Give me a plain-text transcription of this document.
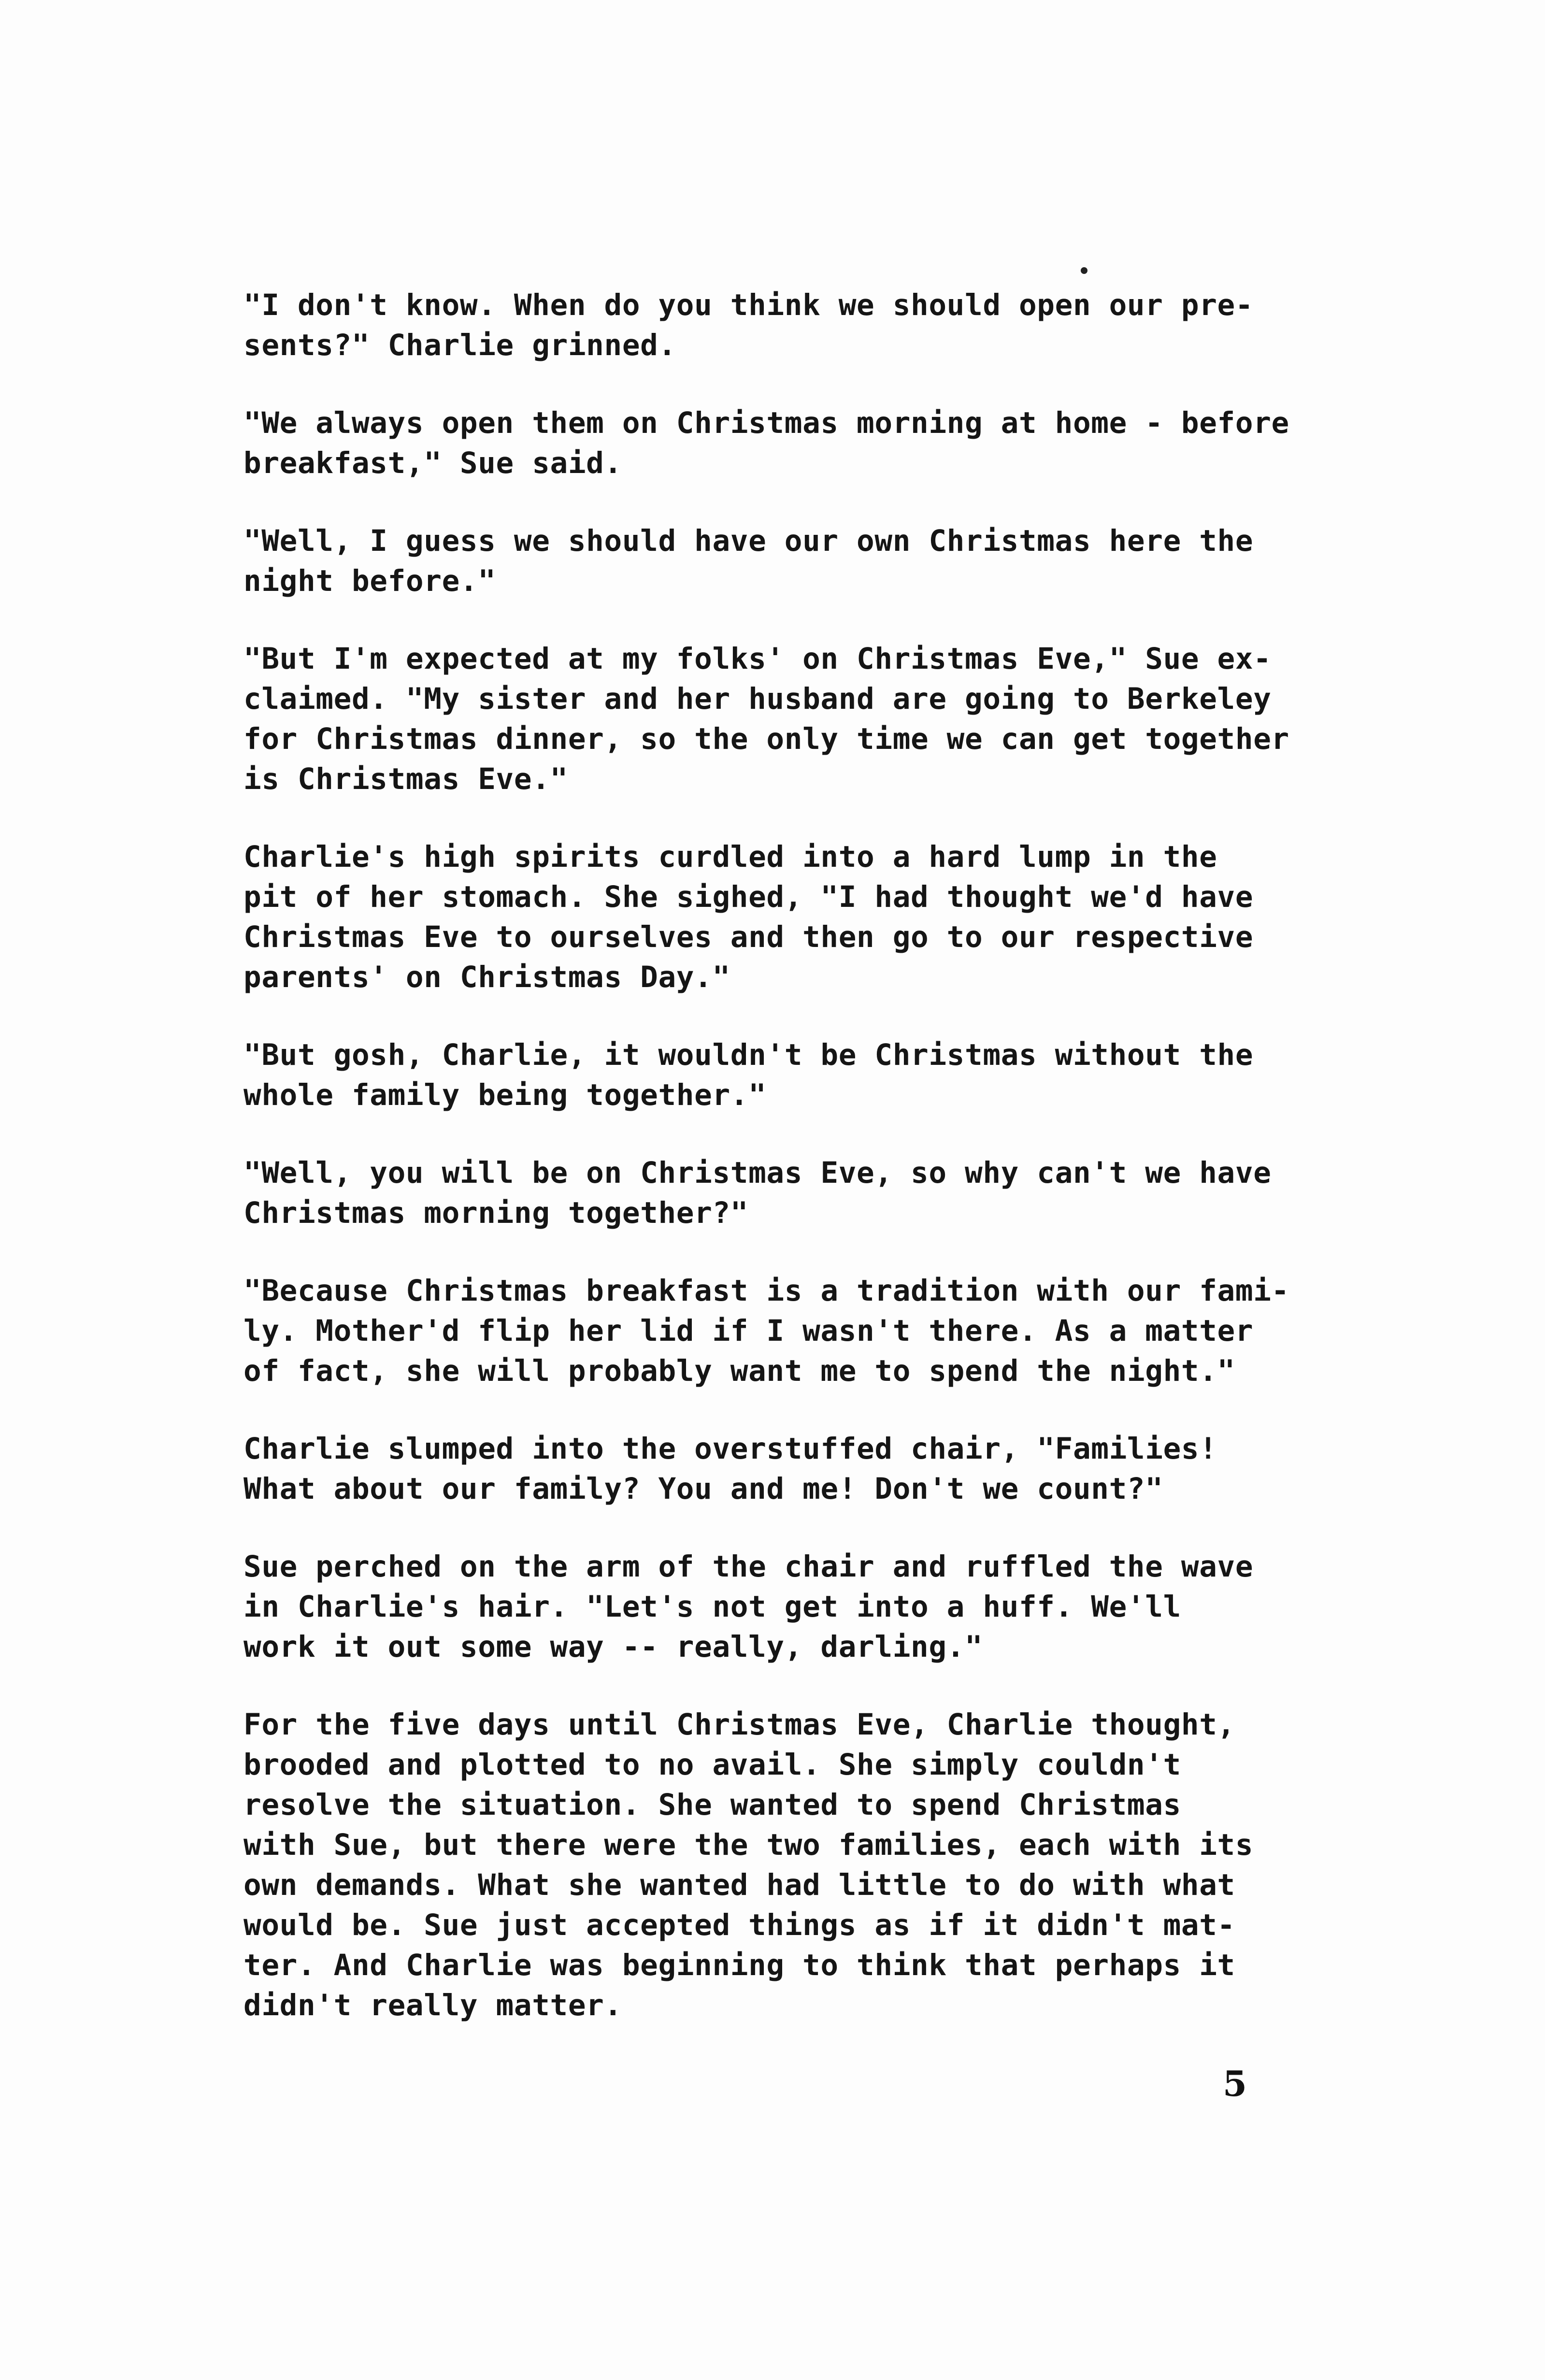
"I don't know. When do you think we should open our pre-
sents?" Charlie grinned.
"We always open them on Christmas morning at home - before
breakfast," Sue said.
"Well, I guess we should have our own Christmas here the
night before."
"But I'm expected at my folks' on Christmas Eve," Sue ex-
claimed. "My sister and her husband are going to Berkeley
for Christmas dinner, so the only time we can get together
is Christmas Eve."
Charlie's high spirits curdled into a hard lump in the
pit of her stomach. She sighed, "I had thought we'd have
Christmas Eve to ourselves and then go to our respective
parents' on Christmas Day."
"But gosh, Charlie, it wouldn't be Christmas without the
whole family being together."
"Well, you will be on Christmas Eve, so why can't we have
Christmas morning together?"
"Because Christmas breakfast is a tradition with our fami-
ly. Mother'd flip her lid if I wasn't there. As a matter
of fact, she will probably want me to spend the night."
Charlie slumped into the overstuffed chair, "Families!
What about our family? You and me! Don't we count?"
Sue perched on the arm of the chair and ruffled the wave
in Charlie's hair. "Let's not get into a huff. We'll
work it out some way -- really, darling."
For the five days until Christmas Eve, Charlie thought,
brooded and plotted to no avail. She simply couldn't
resolve the situation. She wanted to spend Christmas
with Sue, but there were the two families, each with its
own demands. What she wanted had little to do with what
would be. Sue just accepted things as if it didn't mat-
ter. And Charlie was beginning to think that perhaps it
didn't really matter.
5
